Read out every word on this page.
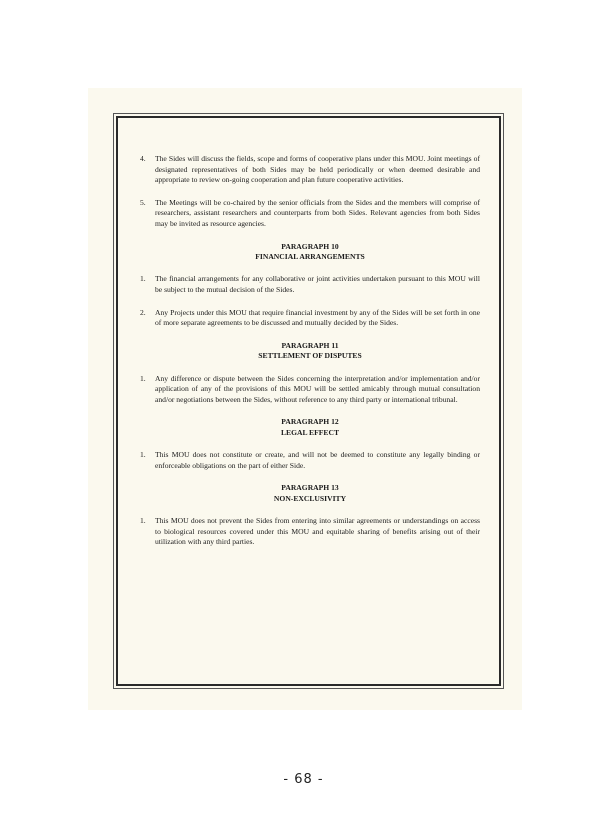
4.	The Sides will discuss the fields, scope and forms of cooperative plans under this MOU. Joint meetings of designated representatives of both Sides may be held periodically or when deemed desirable and appropriate to review on-going cooperation and plan future cooperative activities.
5.	The Meetings will be co-chaired by the senior officials from the Sides and the members will comprise of researchers, assistant researchers and counterparts from both Sides. Relevant agencies from both Sides may be invited as resource agencies.
PARAGRAPH 10
FINANCIAL ARRANGEMENTS
1.	The financial arrangements for any collaborative or joint activities undertaken pursuant to this MOU will be subject to the mutual decision of the Sides.
2.	Any Projects under this MOU that require financial investment by any of the Sides will be set forth in one of more separate agreements to be discussed and mutually decided by the Sides.
PARAGRAPH 11
SETTLEMENT OF DISPUTES
1.	Any difference or dispute between the Sides concerning the interpretation and/or implementation and/or application of any of the provisions of this MOU will be settled amicably through mutual consultation and/or negotiations between the Sides, without reference to any third party or international tribunal.
PARAGRAPH 12
LEGAL EFFECT
1.	This MOU does not constitute or create, and will not be deemed to constitute any legally binding or enforceable obligations on the part of either Side.
PARAGRAPH 13
NON-EXCLUSIVITY
1.	This MOU does not prevent the Sides from entering into similar agreements or understandings on access to biological resources covered under this MOU and equitable sharing of benefits arising out of their utilization with any third parties.
- 68 -
